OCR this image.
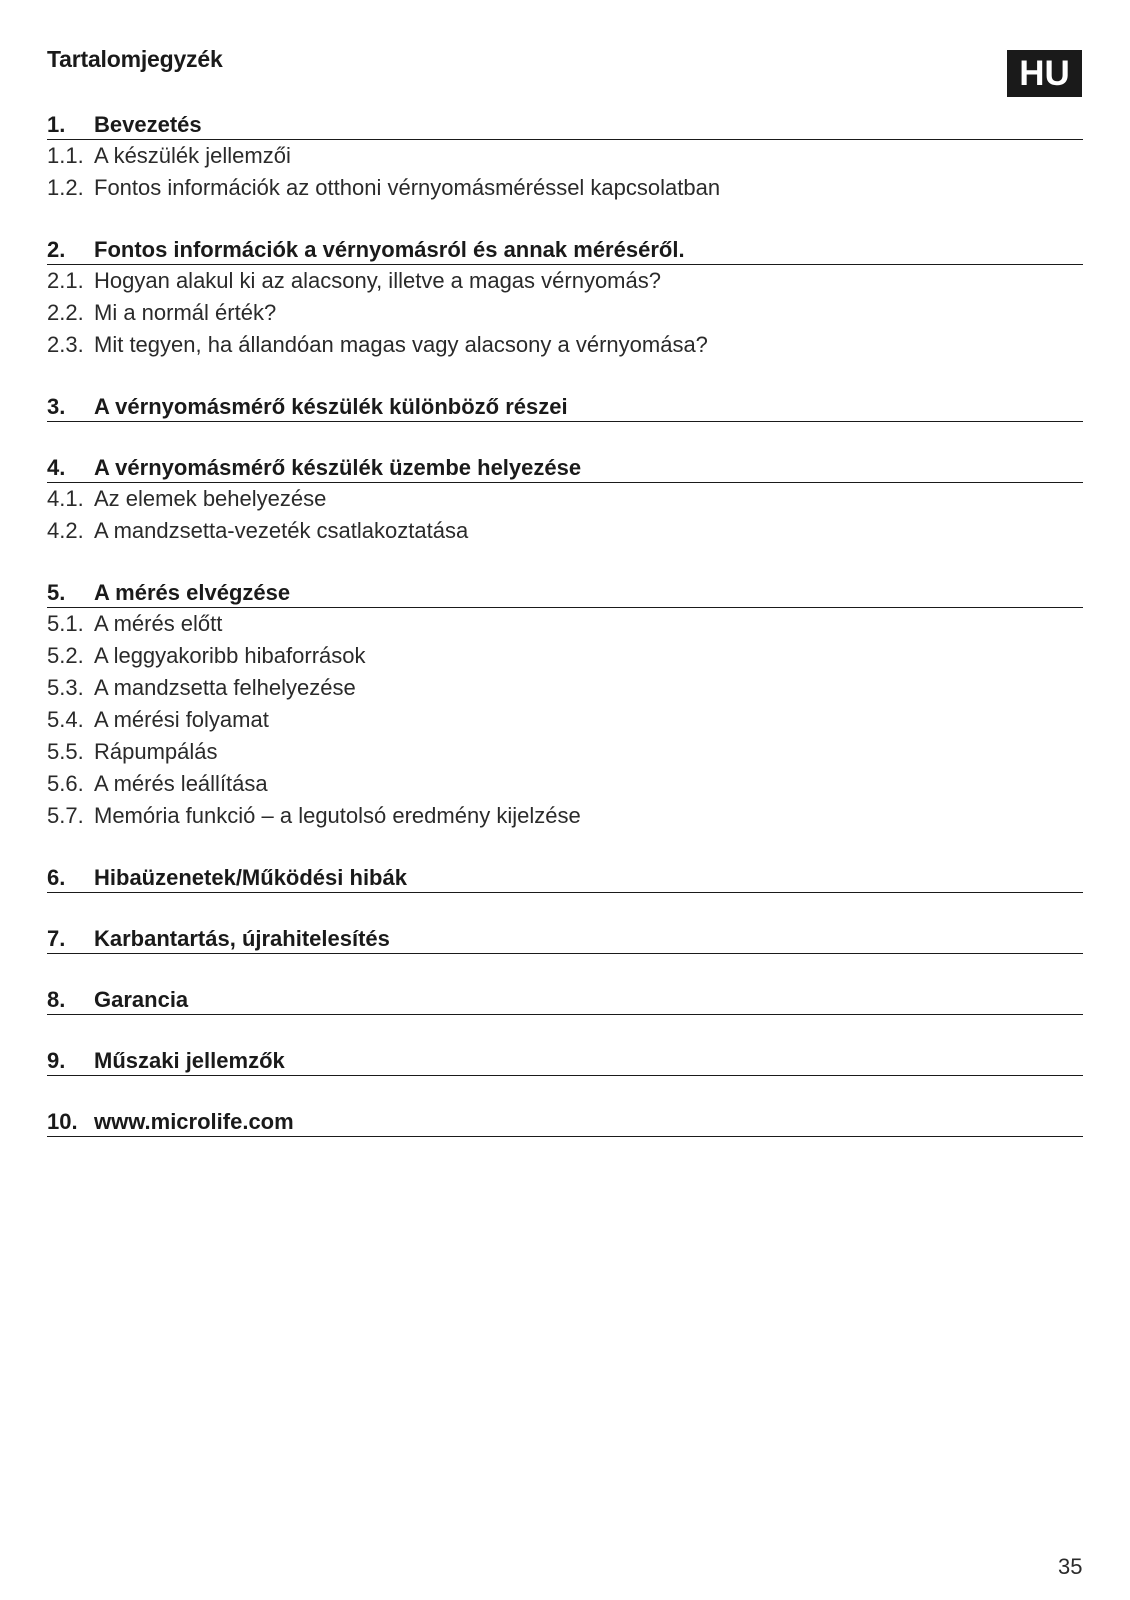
Tartalomjegyzék	HU
1.	Bevezetés
1.1. A készülék jellemzői
1.2. Fontos információk az otthoni vérnyomásméréssel kapcsolatban
2.	Fontos információk a vérnyomásról és annak méréséről.
2.1. Hogyan alakul ki az alacsony, illetve a magas vérnyomás?
2.2. Mi a normál érték?
2.3. Mit tegyen, ha állandóan magas vagy alacsony a vérnyomása?
3.	A vérnyomásmérő készülék különböző részei
4.	A vérnyomásmérő készülék üzembe helyezése
4.1. Az elemek behelyezése
4.2. A mandzsetta-vezeték csatlakoztatása
5.	A mérés elvégzése
5.1. A mérés előtt
5.2. A leggyakoribb hibaforrások
5.3. A mandzsetta felhelyezése
5.4. A mérési folyamat
5.5. Rápumpálás
5.6. A mérés leállítása
5.7. Memória funkció – a legutolsó eredmény kijelzése
6.	Hibaüzenetek/Működési hibák
7.	Karbantartás, újrahitelesítés
8.	Garancia
9.	Műszaki jellemzők
10. www.microlife.com
35
